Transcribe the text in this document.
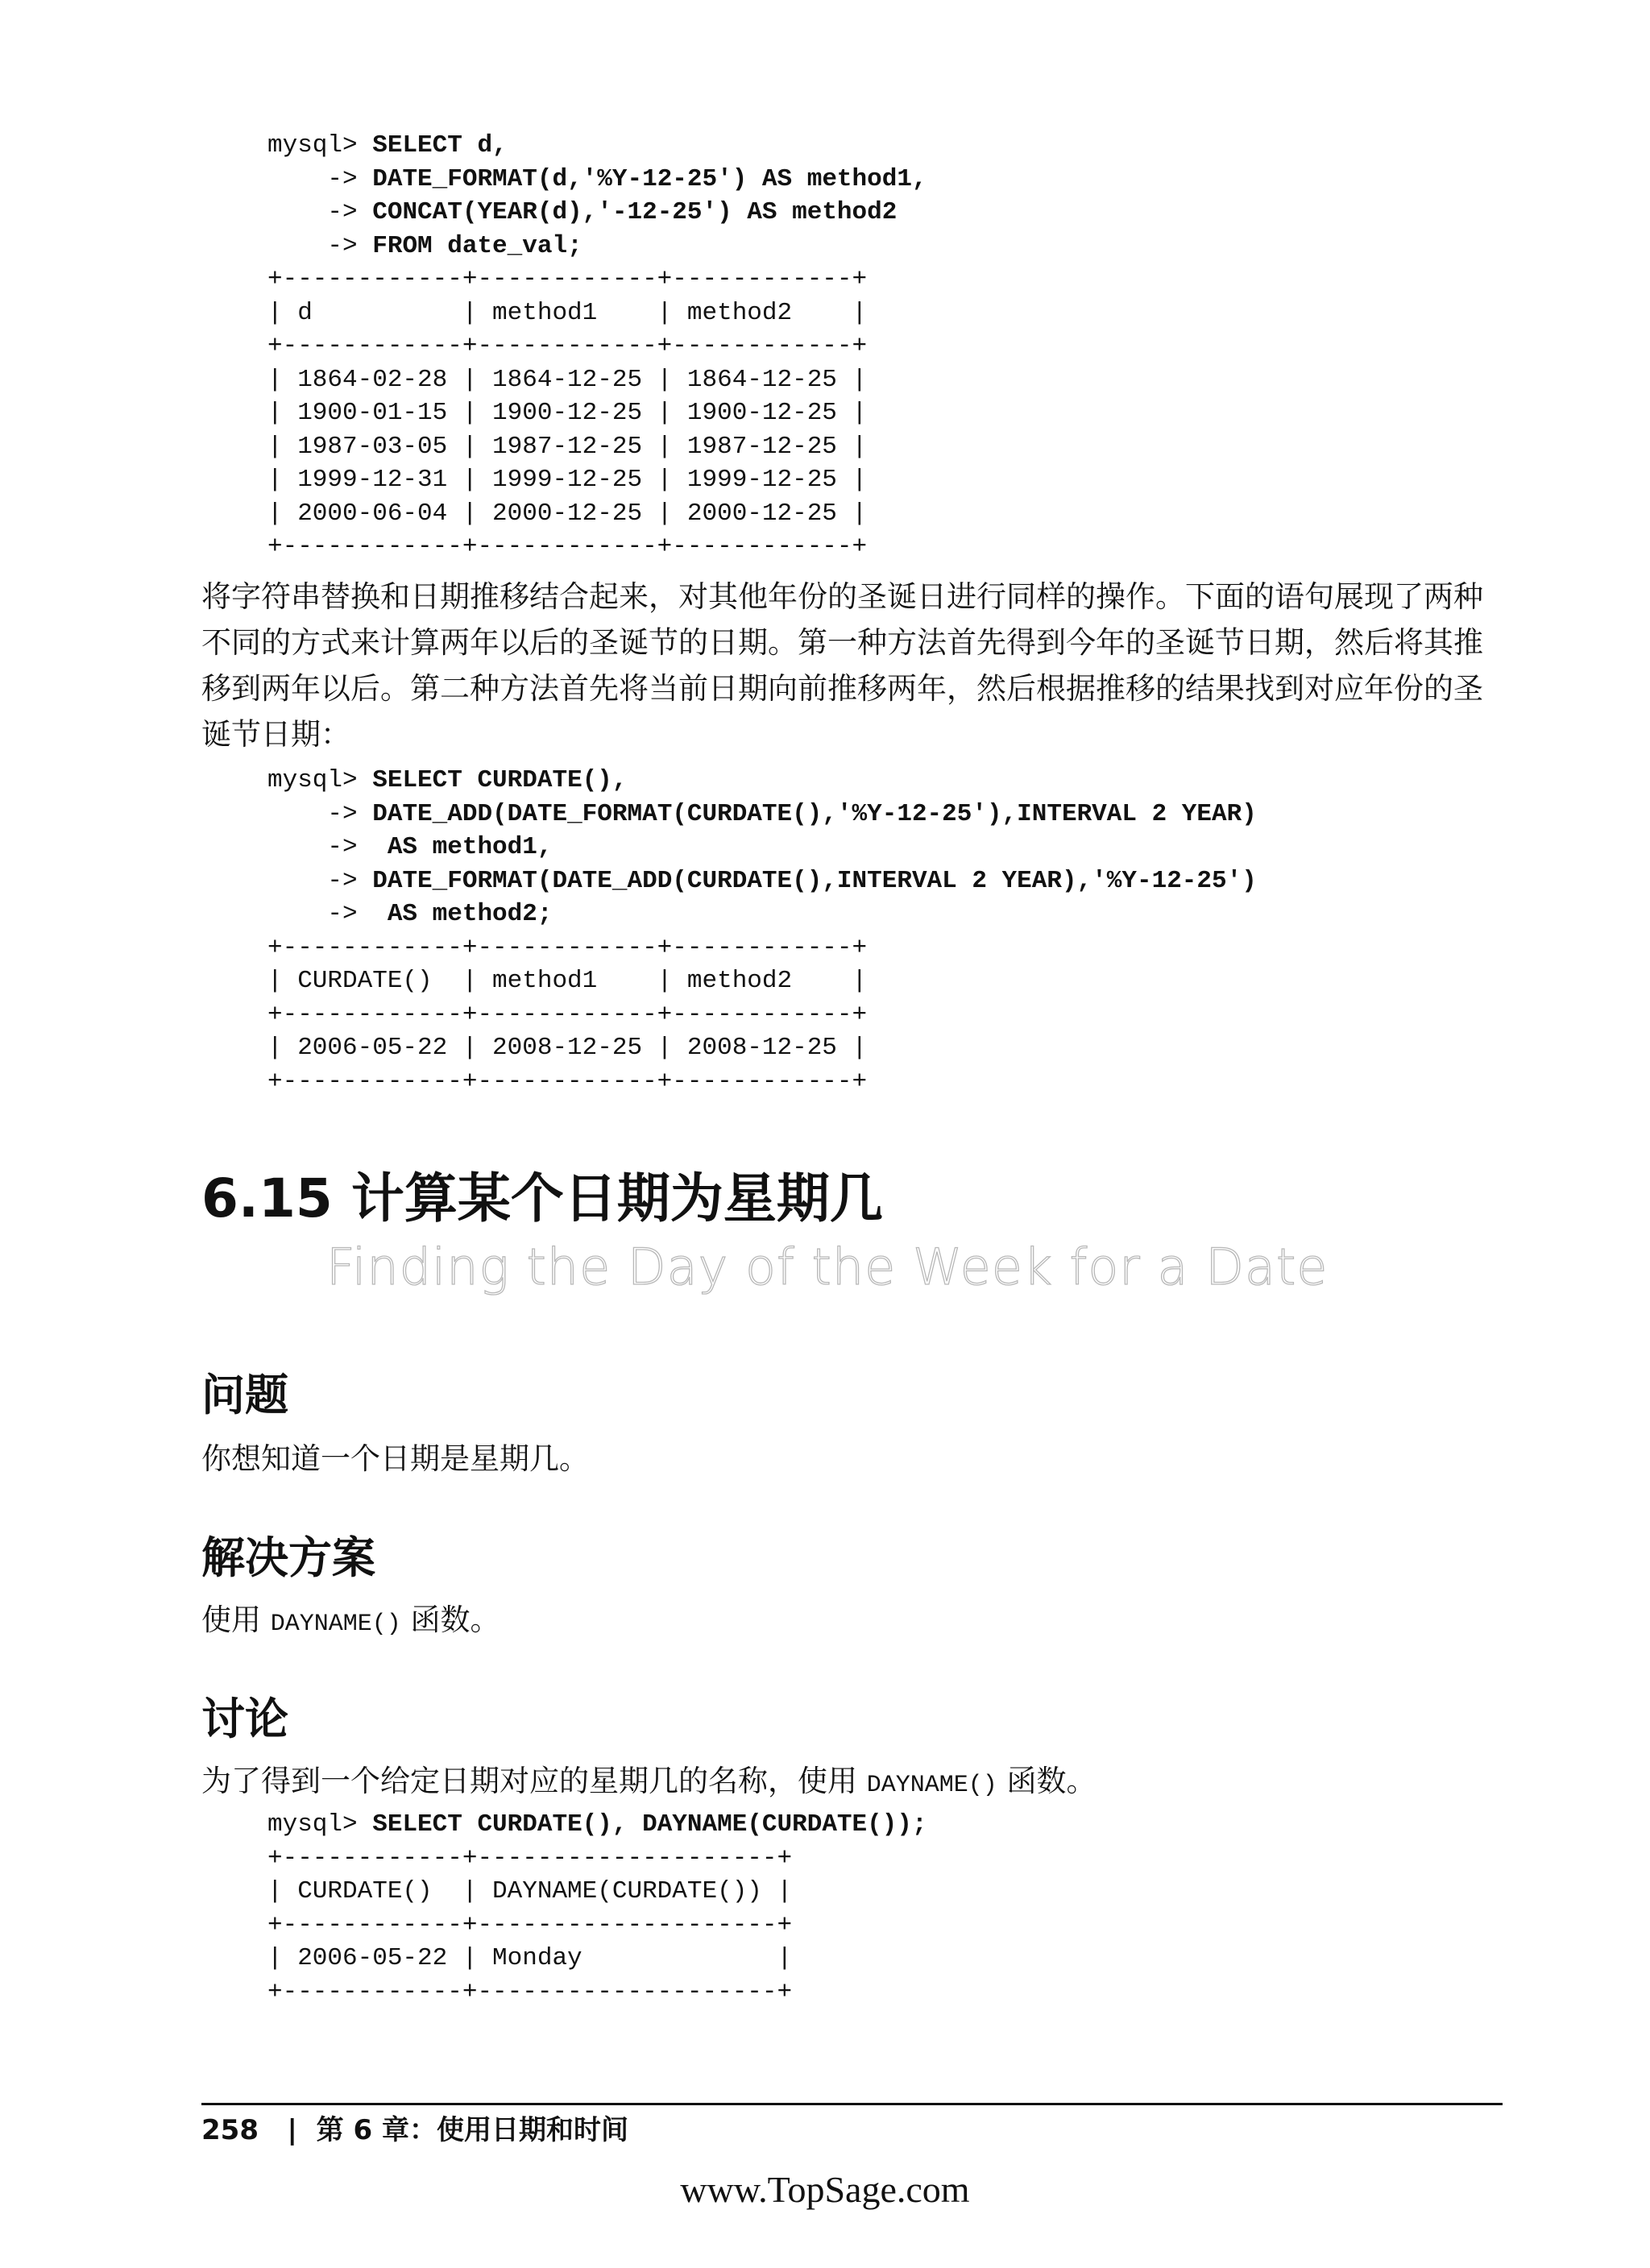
mysql> SELECT d,
-> DATE_FORMAT(d,'%Y-12-25') AS method1,
-> CONCAT(YEAR(d),'-12-25') AS method2
-> FROM date_val;
+------------+------------+------------+
| d          | method1    | method2    |
+------------+------------+------------+
| 1864-02-28 | 1864-12-25 | 1864-12-25 |
| 1900-01-15 | 1900-12-25 | 1900-12-25 |
| 1987-03-05 | 1987-12-25 | 1987-12-25 |
| 1999-12-31 | 1999-12-25 | 1999-12-25 |
| 2000-06-04 | 2000-12-25 | 2000-12-25 |
+------------+------------+------------+
将字符串替换和日期推移结合起来，对其他年份的圣诞日进行同样的操作。下面的语句展现了两种不同的方式来计算两年以后的圣诞节的日期。第一种方法首先得到今年的圣诞节日期，然后将其推移到两年以后。第二种方法首先将当前日期向前推移两年，然后根据推移的结果找到对应年份的圣诞节日期：
mysql> SELECT CURDATE(),
-> DATE_ADD(DATE_FORMAT(CURDATE(),'%Y-12-25'),INTERVAL 2 YEAR)
->  AS method1,
-> DATE_FORMAT(DATE_ADD(CURDATE(),INTERVAL 2 YEAR),'%Y-12-25')
->  AS method2;
+------------+------------+------------+
| CURDATE()  | method1    | method2    |
+------------+------------+------------+
| 2006-05-22 | 2008-12-25 | 2008-12-25 |
+------------+------------+------------+
6.15 计算某个日期为星期几
Finding the Day of the Week for a Date
问题
你想知道一个日期是星期几。
解决方案
使用 DAYNAME() 函数。
讨论
为了得到一个给定日期对应的星期几的名称，使用 DAYNAME() 函数。
mysql> SELECT CURDATE(), DAYNAME(CURDATE());
+------------+--------------------+
| CURDATE()  | DAYNAME(CURDATE()) |
+------------+--------------------+
| 2006-05-22 | Monday             |
+------------+--------------------+
258 | 第 6 章：使用日期和时间
www.TopSage.com
